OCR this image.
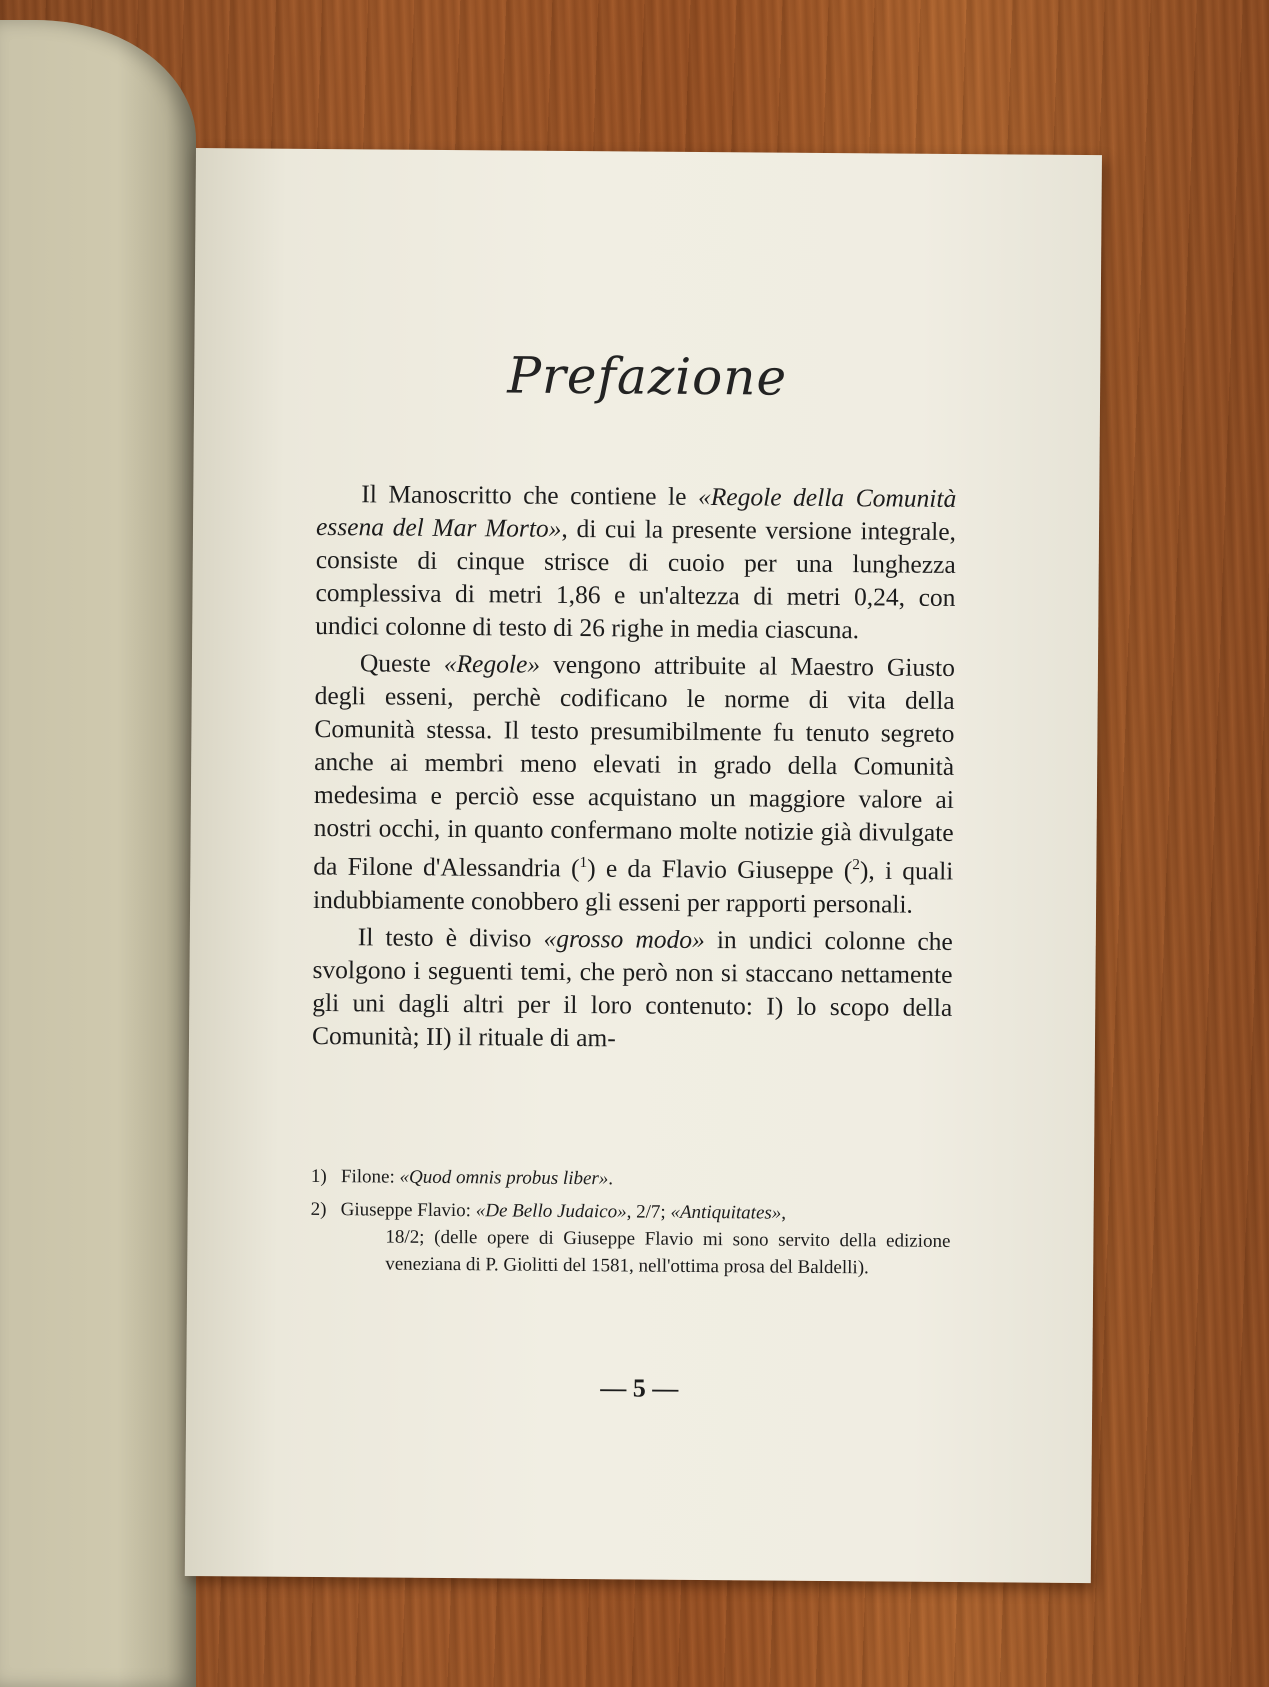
Prefazione

Il Manoscritto che contiene le «Regole della Comunità essena del Mar Morto», di cui la presente versione integrale, consiste di cinque strisce di cuoio per una lunghezza complessiva di metri 1,86 e un'altezza di metri 0,24, con undici colonne di testo di 26 righe in media ciascuna.

Queste «Regole» vengono attribuite al Maestro Giusto degli esseni, perchè codificano le norme di vita della Comunità stessa. Il testo presumibilmente fu tenuto segreto anche ai membri meno elevati in grado della Comunità medesima e perciò esse acquistano un maggiore valore ai nostri occhi, in quanto confermano molte notizie già divulgate da Filone d'Alessandria ($^1$) e da Flavio Giuseppe ($^2$), i quali indubbiamente conobbero gli esseni per rapporti personali.

Il testo è diviso «grosso modo» in undici colonne che svolgono i seguenti temi, che però non si staccano nettamente gli uni dagli altri per il loro contenuto: I) lo scopo della Comunità; II) il rituale di am-

1) Filone: «Quod omnis probus liber».
2) Giuseppe Flavio: «De Bello Judaico», 2/7; «Antiquitates»,
18/2; (delle opere di Giuseppe Flavio mi sono servito della edizione veneziana di P. Giolitti del 1581, nell'ottima prosa del Baldelli).
— 5 —
